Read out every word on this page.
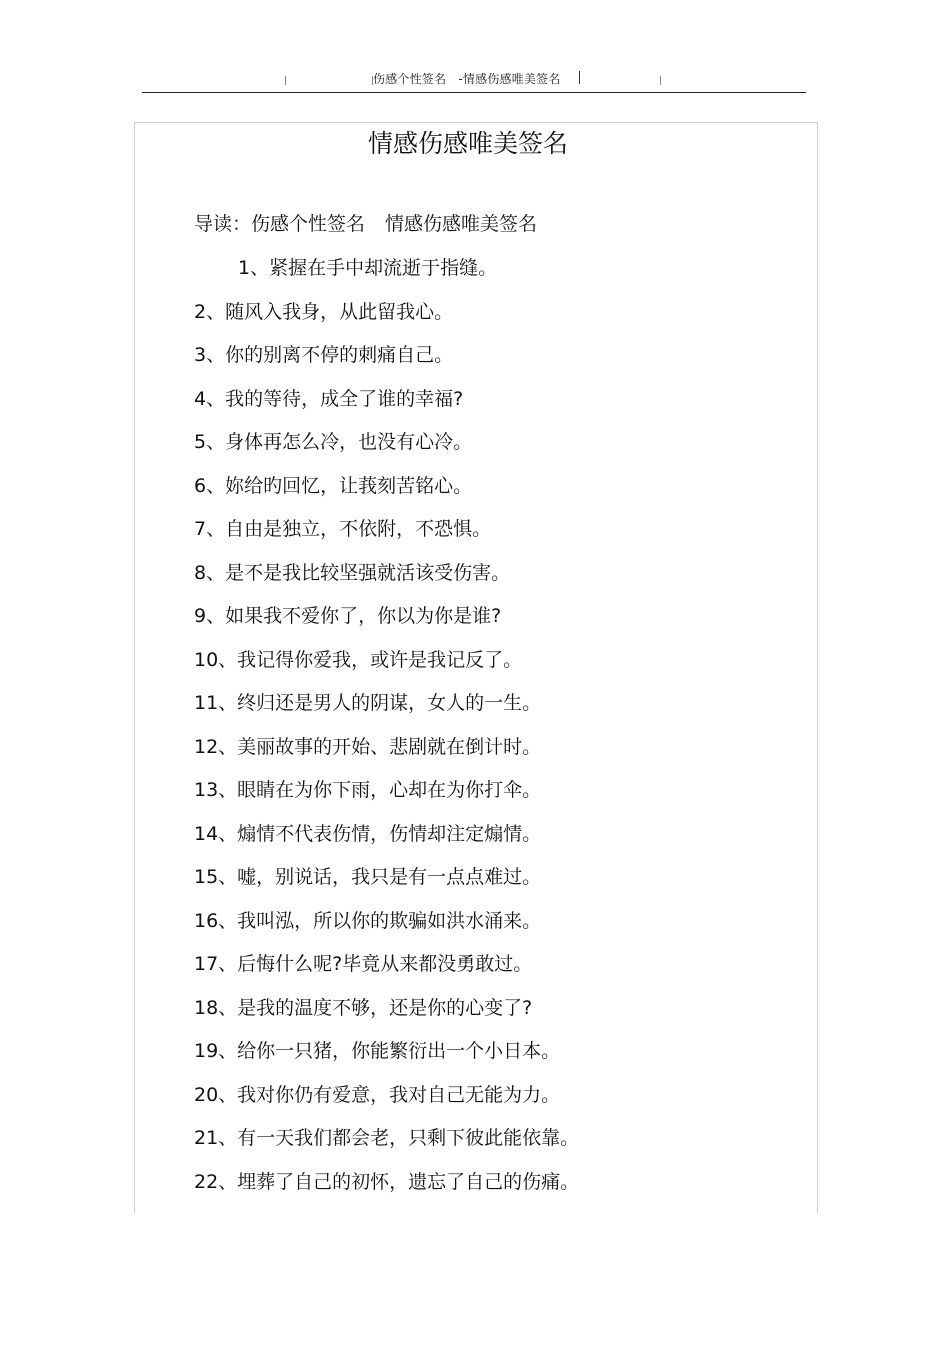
伤感个性签名　-情感伤感唯美签名
情感伤感唯美签名
导读：伤感个性签名 情感伤感唯美签名
1、紧握在手中却流逝于指缝。
2、随风入我身，从此留我心。
3、你的别离不停的刺痛自己。
4、我的等待，成全了谁的幸福?
5、身体再怎么冷，也没有心冷。
6、妳给旳回忆，让莪刻苦铭心。
7、自由是独立，不依附，不恐惧。
8、是不是我比较坚强就活该受伤害。
9、如果我不爱你了，你以为你是谁?
10、我记得你爱我，或许是我记反了。
11、终归还是男人的阴谋，女人的一生。
12、美丽故事的开始、悲剧就在倒计时。
13、眼睛在为你下雨，心却在为你打伞。
14、煽情不代表伤情，伤情却注定煽情。
15、嘘，别说话，我只是有一点点难过。
16、我叫泓，所以你的欺骗如洪水涌来。
17、后悔什么呢?毕竟从来都没勇敢过。
18、是我的温度不够，还是你的心变了?
19、给你一只猪，你能繁衍出一个小日本。
20、我对你仍有爱意，我对自己无能为力。
21、有一天我们都会老，只剩下彼此能依靠。
22、埋葬了自己的初怀，遗忘了自己的伤痛。
